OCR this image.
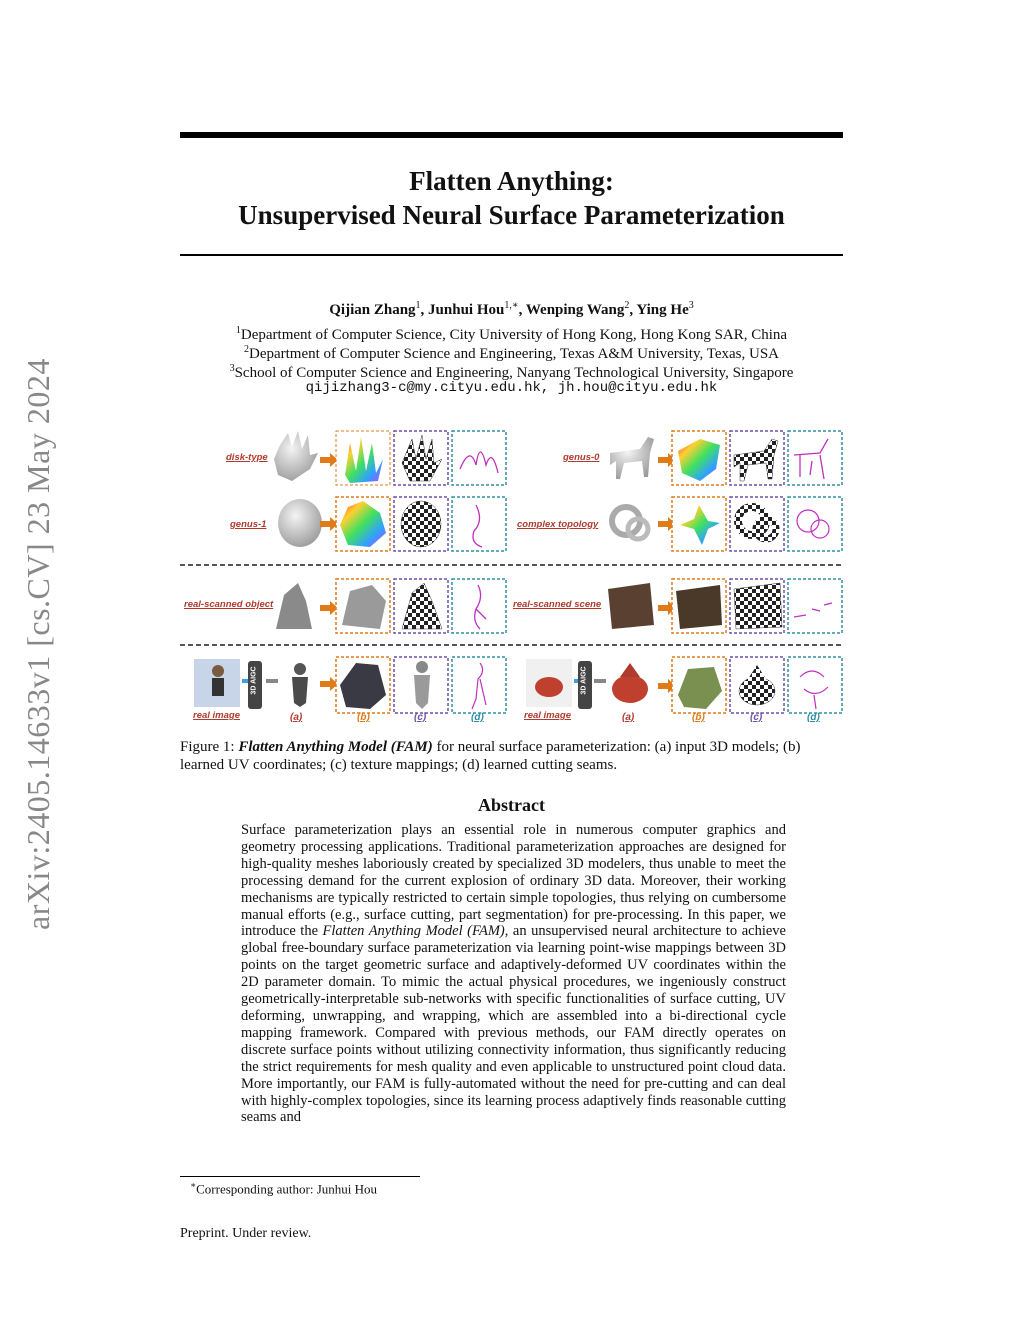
arXiv:2405.14633v1 [cs.CV] 23 May 2024
Flatten Anything:
Unsupervised Neural Surface Parameterization
Qijian Zhang$^1$, Junhui Hou$^{1,∗}$, Wenping Wang$^2$, Ying He$^3$
$^1$Department of Computer Science, City University of Hong Kong, Hong Kong SAR, China
$^2$Department of Computer Science and Engineering, Texas A&M University, Texas, USA
$^3$School of Computer Science and Engineering, Nanyang Technological University, Singapore
qijizhang3-c@my.cityu.edu.hk, jh.hou@cityu.edu.hk
disk-type	genus-0
genus-1	complex topology
real-scanned object	real-scanned scene
real image	real image
3D AIGC	3D AIGC
(a)	(b)	(c)	(d)	(a)	(b)	(c)	(d)
Figure 1: Flatten Anything Model (FAM) for neural surface parameterization: (a) input 3D models; (b) learned UV coordinates; (c) texture mappings; (d) learned cutting seams.
Abstract
Surface parameterization plays an essential role in numerous computer graphics and geometry processing applications. Traditional parameterization approaches are designed for high-quality meshes laboriously created by specialized 3D modelers, thus unable to meet the processing demand for the current explosion of ordinary 3D data. Moreover, their working mechanisms are typically restricted to certain simple topologies, thus relying on cumbersome manual efforts (e.g., surface cutting, part segmentation) for pre-processing. In this paper, we introduce the Flatten Anything Model (FAM), an unsupervised neural architecture to achieve global free-boundary surface parameterization via learning point-wise mappings between 3D points on the target geometric surface and adaptively-deformed UV coordinates within the 2D parameter domain. To mimic the actual physical procedures, we ingeniously construct geometrically-interpretable sub-networks with specific functionalities of surface cutting, UV deforming, unwrapping, and wrapping, which are assembled into a bi-directional cycle mapping framework. Compared with previous methods, our FAM directly operates on discrete surface points without utilizing connectivity information, thus significantly reducing the strict requirements for mesh quality and even applicable to unstructured point cloud data. More importantly, our FAM is fully-automated without the need for pre-cutting and can deal with highly-complex topologies, since its learning process adaptively finds reasonable cutting seams and
∗Corresponding author: Junhui Hou
Preprint. Under review.
